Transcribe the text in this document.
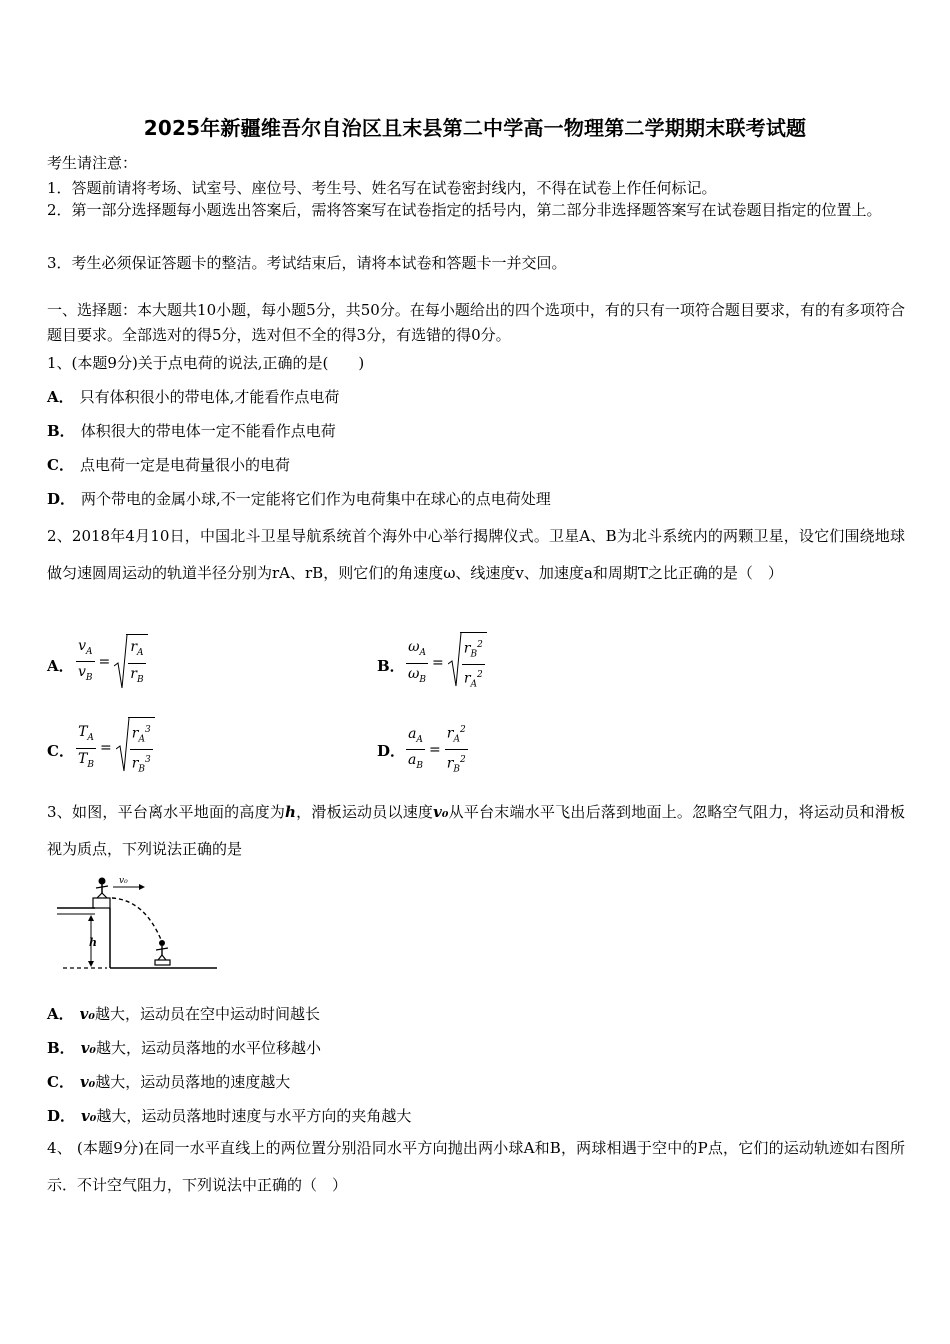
2025年新疆维吾尔自治区且末县第二中学高一物理第二学期期末联考试题
考生请注意：
1．答题前请将考场、试室号、座位号、考生号、姓名写在试卷密封线内，不得在试卷上作任何标记。
2．第一部分选择题每小题选出答案后，需将答案写在试卷指定的括号内，第二部分非选择题答案写在试卷题目指定的位置上。
3．考生必须保证答题卡的整洁。考试结束后，请将本试卷和答题卡一并交回。
一、选择题：本大题共10小题，每小题5分，共50分。在每小题给出的四个选项中，有的只有一项符合题目要求，有的有多项符合题目要求。全部选对的得5分，选对但不全的得3分，有选错的得0分。
1、(本题9分)关于点电荷的说法,正确的是(　　)
A． 只有体积很小的带电体,才能看作点电荷
B． 体积很大的带电体一定不能看作点电荷
C． 点电荷一定是电荷量很小的电荷
D． 两个带电的金属小球,不一定能将它们作为电荷集中在球心的点电荷处理
2、2018年4月10日，中国北斗卫星导航系统首个海外中心举行揭牌仪式。卫星A、B为北斗系统内的两颗卫星，设它们围绕地球做匀速圆周运动的轨道半径分别为rA、rB，则它们的角速度ω、线速度v、加速度a和周期T之比正确的是（　）
A． $\frac{v_A}{v_B} = \frac{r_A}{r_B}$	B． $\frac{\omega_A}{\omega_B} = \frac{r_B^2}{r_A^2}$
C． $\frac{T_A}{T_B} = \frac{r_A^3}{r_B^3}$	D． $\frac{a_A}{a_B} = \frac{r_A^2}{r_B^2}$
3、如图，平台离水平地面的高度为h，滑板运动员以速度v₀从平台末端水平飞出后落到地面上。忽略空气阻力，将运动员和滑板视为质点，下列说法正确的是
v₀
h
A． v₀越大，运动员在空中运动时间越长
B． v₀越大，运动员落地的水平位移越小
C． v₀越大，运动员落地的速度越大
D． v₀越大，运动员落地时速度与水平方向的夹角越大
4、 (本题9分)在同一水平直线上的两位置分别沿同水平方向抛出两小球A和B，两球相遇于空中的P点，它们的运动轨迹如右图所示．不计空气阻力，下列说法中正确的（　）
